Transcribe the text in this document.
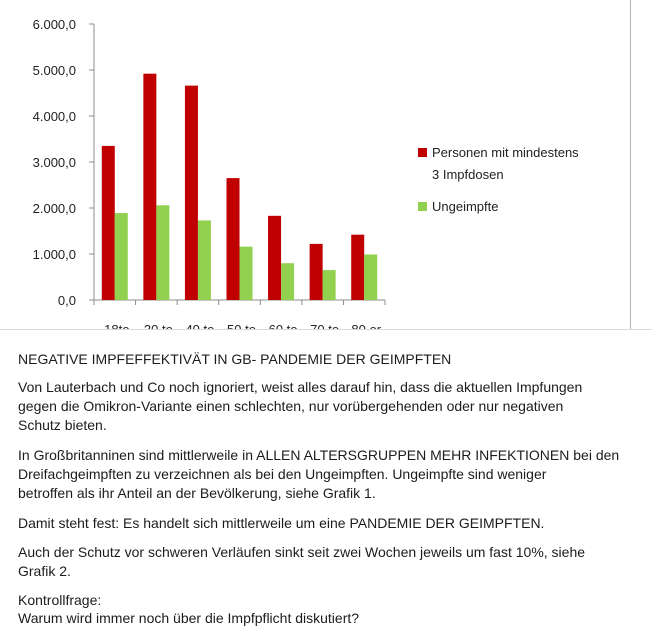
0,0
1.000,0
2.000,0
3.000,0
4.000,0
5.000,0
6.000,0
Personen mit mindestens
3 Impfdosen
Ungeimpfte

NEGATIVE IMPFEFFEKTIVÄT IN GB- PANDEMIE DER GEIMPFTEN

Von Lauterbach und Co noch ignoriert, weist alles darauf hin, dass die aktuellen Impfungen

gegen die Omikron-Variante einen schlechten, nur vorübergehenden oder nur negativen

Schutz bieten.

In Großbritanninen sind mittlerweile in ALLEN ALTERSGRUPPEN MEHR INFEKTIONEN bei den

Dreifachgeimpften zu verzeichnen als bei den Ungeimpften. Ungeimpfte sind weniger

betroffen als ihr Anteil an der Bevölkerung, siehe Grafik 1.

Damit steht fest: Es handelt sich mittlerweile um eine PANDEMIE DER GEIMPFTEN.

Auch der Schutz vor schweren Verläufen sinkt seit zwei Wochen jeweils um fast 10%, siehe

Grafik 2.

Kontrollfrage:

Warum wird immer noch über die Impfpflicht diskutiert?
